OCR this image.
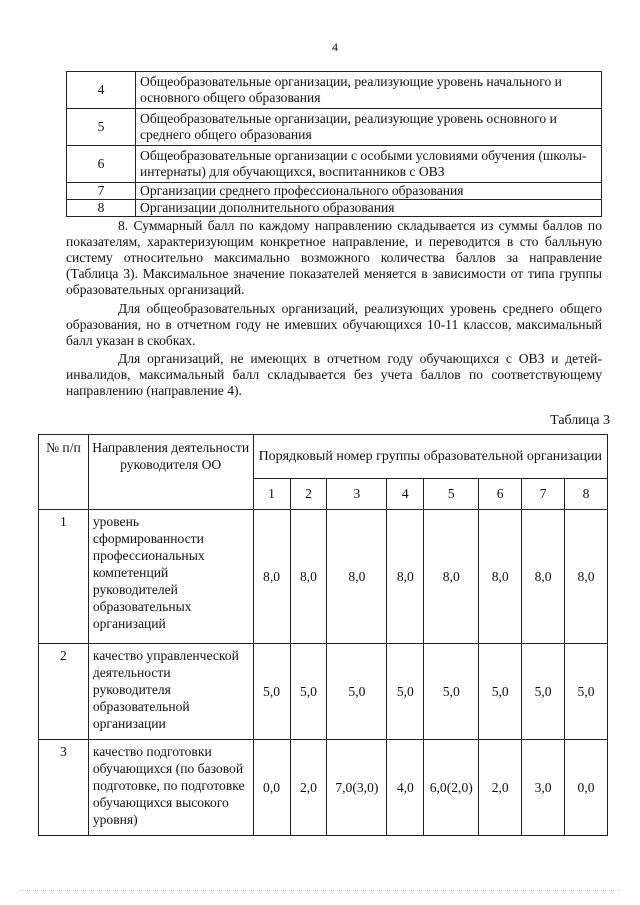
4
4	Общеобразовательные организации, реализующие уровень начального и основного общего образования
5	Общеобразовательные организации, реализующие уровень основного и среднего общего образования
6	Общеобразовательные организации с особыми условиями обучения (школы-интернаты) для обучающихся, воспитанников с ОВЗ
7	Организации среднего профессионального образования
8	Организации дополнительного образования

8. Суммарный балл по каждому направлению складывается из суммы баллов по показателям, характеризующим конкретное направление, и переводится в сто балльную систему относительно максимально возможного количества баллов за направление (Таблица 3). Максимальное значение показателей меняется в зависимости от типа группы образовательных организаций.

Для общеобразовательных организаций, реализующих уровень среднего общего образования, но в отчетном году не имевших обучающихся 10-11 классов, максимальный балл указан в скобках.

Для организаций, не имеющих в отчетном году обучающихся с ОВЗ и детей-инвалидов, максимальный балл складывается без учета баллов по соответствующему направлению (направление 4).

Таблица 3
№ п/п	Направления деятельности руководителя ОО	Порядковый номер группы образовательной организации							
		1	2	3	4	5	6	7	8
1	уровень сформированности профессиональных компетенций руководителей образовательных организаций	8,0	8,0	8,0	8,0	8,0	8,0	8,0	8,0
2	качество управленческой деятельности руководителя образовательной организации	5,0	5,0	5,0	5,0	5,0	5,0	5,0	5,0
3	качество подготовки обучающихся (по базовой подготовке, по подготовке обучающихся высокого уровня)	0,0	2,0	7,0(3,0)	4,0	6,0(2,0)	2,0	3,0	0,0
